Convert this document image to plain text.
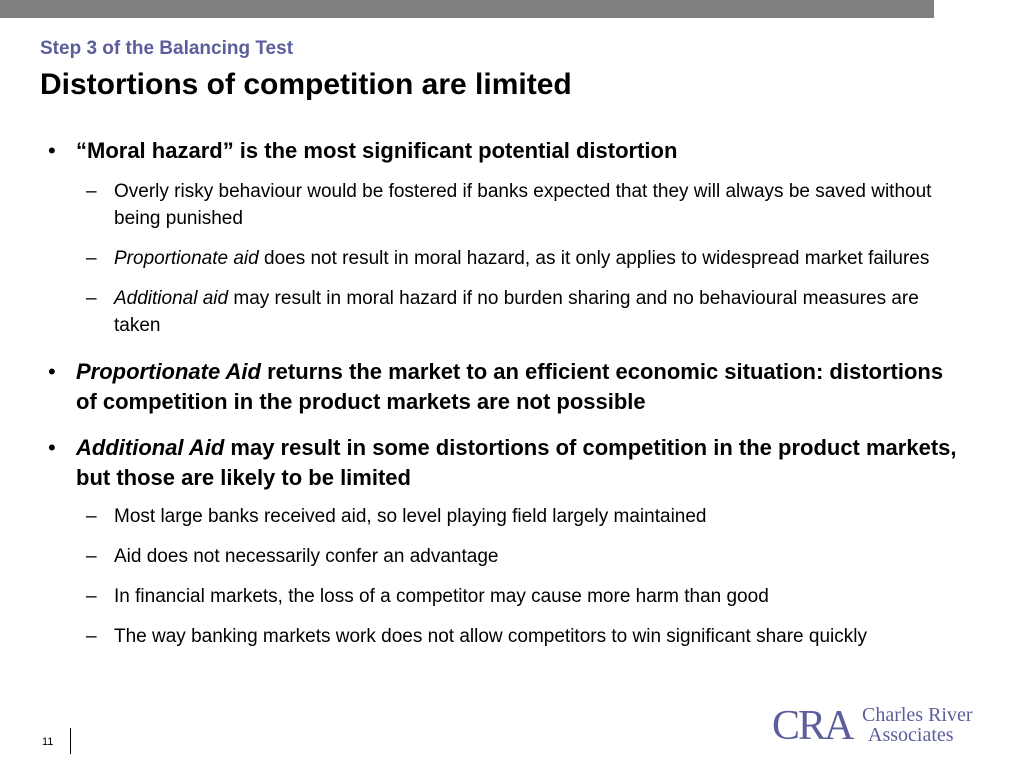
Step 3 of the Balancing Test
Distortions of competition are limited
• “Moral hazard” is the most significant potential distortion
– Overly risky behaviour would be fostered if banks expected that they will always be saved without being punished
– Proportionate aid does not result in moral hazard, as it only applies to widespread market failures
– Additional aid may result in moral hazard if no burden sharing and no behavioural measures are taken
• Proportionate Aid returns the market to an efficient economic situation: distortions of competition in the product markets are not possible
• Additional Aid may result in some distortions of competition in the product markets, but those are likely to be limited
– Most large banks received aid, so level playing field largely maintained
– Aid does not necessarily confer an advantage
– In financial markets, the loss of a competitor may cause more harm than good
– The way banking markets work does not allow competitors to win significant share quickly
11	CRA Charles River
Associates
